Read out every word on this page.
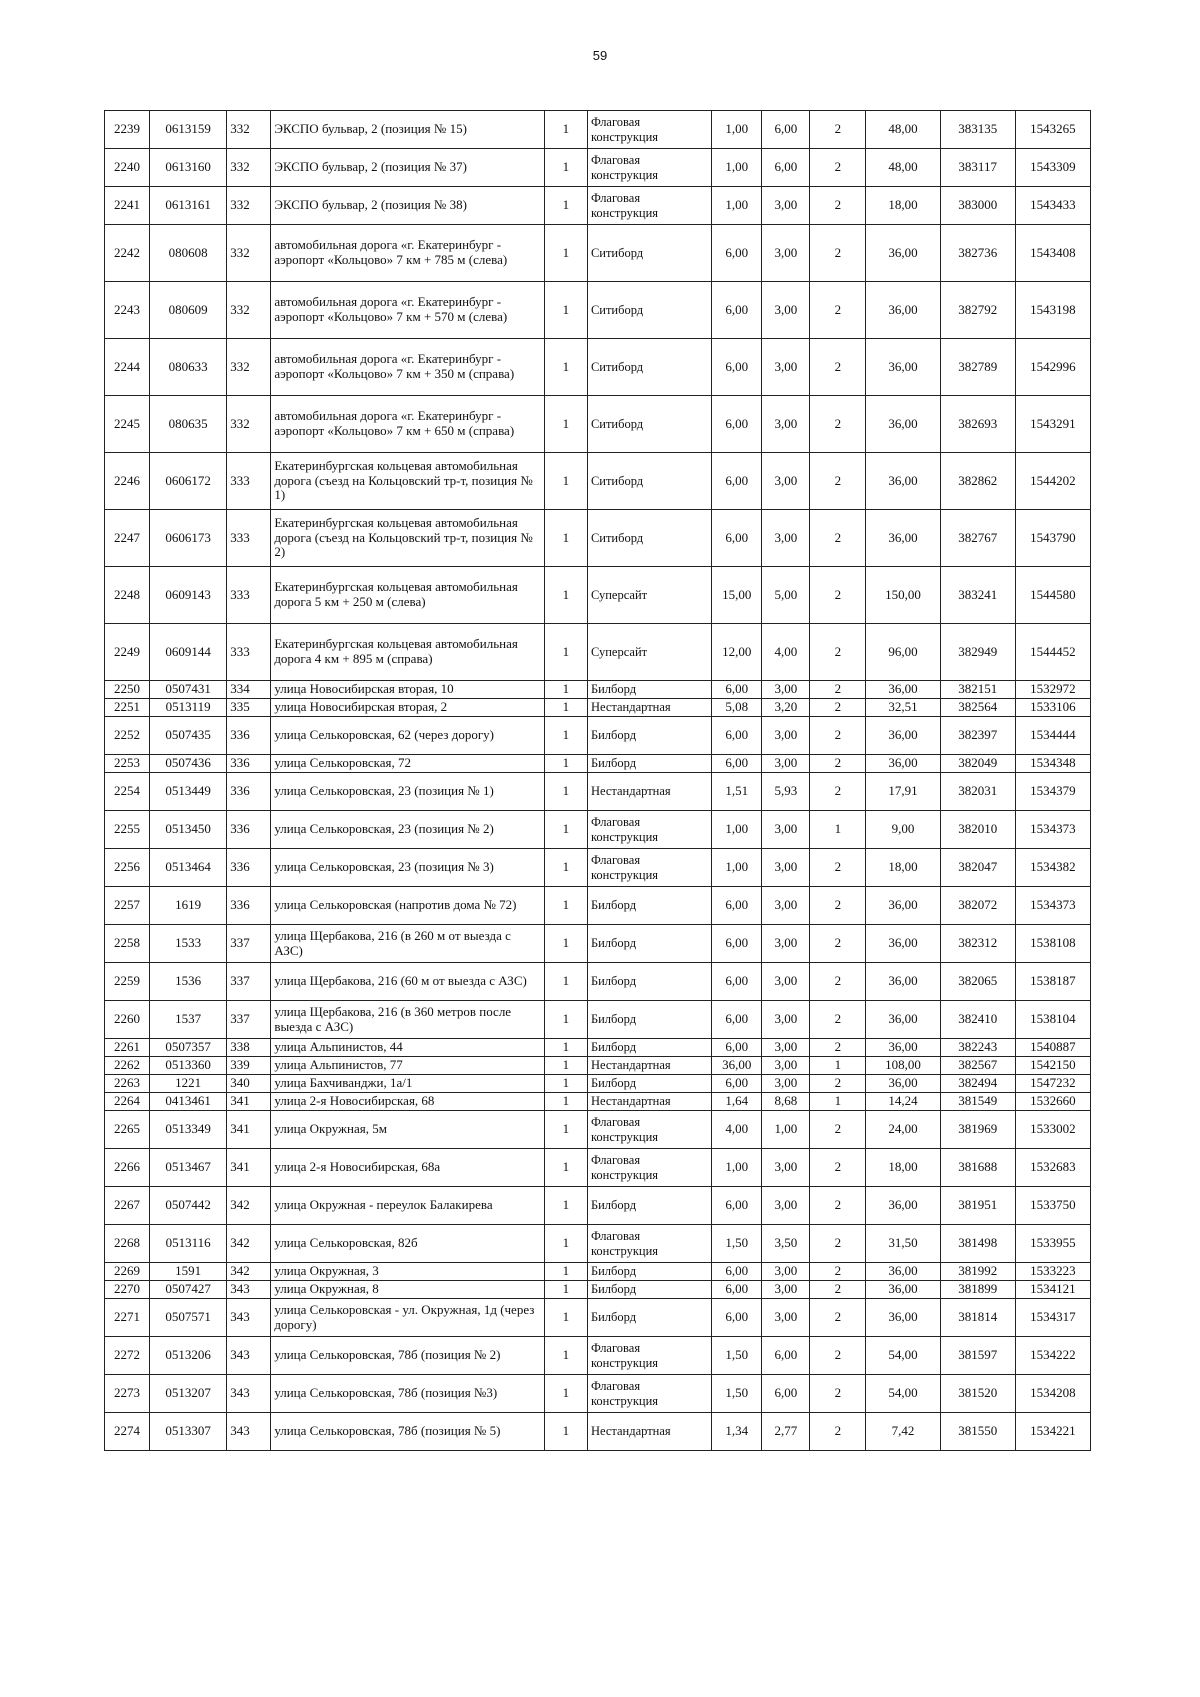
59
2239	0613159	332	ЭКСПО бульвар, 2 (позиция № 15)	1	Флаговая конструкция	1,00	6,00	2	48,00	383135	1543265
2240	0613160	332	ЭКСПО бульвар, 2 (позиция № 37)	1	Флаговая конструкция	1,00	6,00	2	48,00	383117	1543309
2241	0613161	332	ЭКСПО бульвар, 2 (позиция № 38)	1	Флаговая конструкция	1,00	3,00	2	18,00	383000	1543433
2242	080608	332	автомобильная дорога «г. Екатеринбург - аэропорт «Кольцово» 7 км + 785 м (слева)	1	Ситиборд	6,00	3,00	2	36,00	382736	1543408
2243	080609	332	автомобильная дорога «г. Екатеринбург - аэропорт «Кольцово» 7 км + 570 м (слева)	1	Ситиборд	6,00	3,00	2	36,00	382792	1543198
2244	080633	332	автомобильная дорога «г. Екатеринбург - аэропорт «Кольцово» 7 км + 350 м (справа)	1	Ситиборд	6,00	3,00	2	36,00	382789	1542996
2245	080635	332	автомобильная дорога «г. Екатеринбург - аэропорт «Кольцово» 7 км + 650 м (справа)	1	Ситиборд	6,00	3,00	2	36,00	382693	1543291
2246	0606172	333	Екатеринбургская кольцевая автомобильная дорога (съезд на Кольцовский тр-т, позиция № 1)	1	Ситиборд	6,00	3,00	2	36,00	382862	1544202
2247	0606173	333	Екатеринбургская кольцевая автомобильная дорога (съезд на Кольцовский тр-т, позиция № 2)	1	Ситиборд	6,00	3,00	2	36,00	382767	1543790
2248	0609143	333	Екатеринбургская кольцевая автомобильная дорога 5 км + 250 м (слева)	1	Суперсайт	15,00	5,00	2	150,00	383241	1544580
2249	0609144	333	Екатеринбургская кольцевая автомобильная дорога 4 км + 895 м (справа)	1	Суперсайт	12,00	4,00	2	96,00	382949	1544452
2250	0507431	334	улица Новосибирская вторая, 10	1	Билборд	6,00	3,00	2	36,00	382151	1532972
2251	0513119	335	улица Новосибирская вторая, 2	1	Нестандартная	5,08	3,20	2	32,51	382564	1533106
2252	0507435	336	улица Селькоровская, 62 (через дорогу)	1	Билборд	6,00	3,00	2	36,00	382397	1534444
2253	0507436	336	улица Селькоровская, 72	1	Билборд	6,00	3,00	2	36,00	382049	1534348
2254	0513449	336	улица Селькоровская, 23 (позиция № 1)	1	Нестандартная	1,51	5,93	2	17,91	382031	1534379
2255	0513450	336	улица Селькоровская, 23 (позиция № 2)	1	Флаговая конструкция	1,00	3,00	1	9,00	382010	1534373
2256	0513464	336	улица Селькоровская, 23 (позиция № 3)	1	Флаговая конструкция	1,00	3,00	2	18,00	382047	1534382
2257	1619	336	улица Селькоровская (напротив дома № 72)	1	Билборд	6,00	3,00	2	36,00	382072	1534373
2258	1533	337	улица Щербакова, 216 (в 260 м от выезда с АЗС)	1	Билборд	6,00	3,00	2	36,00	382312	1538108
2259	1536	337	улица Щербакова, 216 (60 м от выезда с АЗС)	1	Билборд	6,00	3,00	2	36,00	382065	1538187
2260	1537	337	улица Щербакова, 216 (в 360 метров после выезда с АЗС)	1	Билборд	6,00	3,00	2	36,00	382410	1538104
2261	0507357	338	улица Альпинистов, 44	1	Билборд	6,00	3,00	2	36,00	382243	1540887
2262	0513360	339	улица Альпинистов, 77	1	Нестандартная	36,00	3,00	1	108,00	382567	1542150
2263	1221	340	улица Бахчиванджи, 1а/1	1	Билборд	6,00	3,00	2	36,00	382494	1547232
2264	0413461	341	улица 2-я Новосибирская, 68	1	Нестандартная	1,64	8,68	1	14,24	381549	1532660
2265	0513349	341	улица Окружная, 5м	1	Флаговая конструкция	4,00	1,00	2	24,00	381969	1533002
2266	0513467	341	улица 2-я Новосибирская, 68а	1	Флаговая конструкция	1,00	3,00	2	18,00	381688	1532683
2267	0507442	342	улица Окружная - переулок Балакирева	1	Билборд	6,00	3,00	2	36,00	381951	1533750
2268	0513116	342	улица Селькоровская, 82б	1	Флаговая конструкция	1,50	3,50	2	31,50	381498	1533955
2269	1591	342	улица Окружная, 3	1	Билборд	6,00	3,00	2	36,00	381992	1533223
2270	0507427	343	улица Окружная, 8	1	Билборд	6,00	3,00	2	36,00	381899	1534121
2271	0507571	343	улица Селькоровская - ул. Окружная, 1д (через дорогу)	1	Билборд	6,00	3,00	2	36,00	381814	1534317
2272	0513206	343	улица Селькоровская, 78б (позиция № 2)	1	Флаговая конструкция	1,50	6,00	2	54,00	381597	1534222
2273	0513207	343	улица Селькоровская, 78б (позиция №3)	1	Флаговая конструкция	1,50	6,00	2	54,00	381520	1534208
2274	0513307	343	улица Селькоровская, 78б (позиция № 5)	1	Нестандартная	1,34	2,77	2	7,42	381550	1534221
